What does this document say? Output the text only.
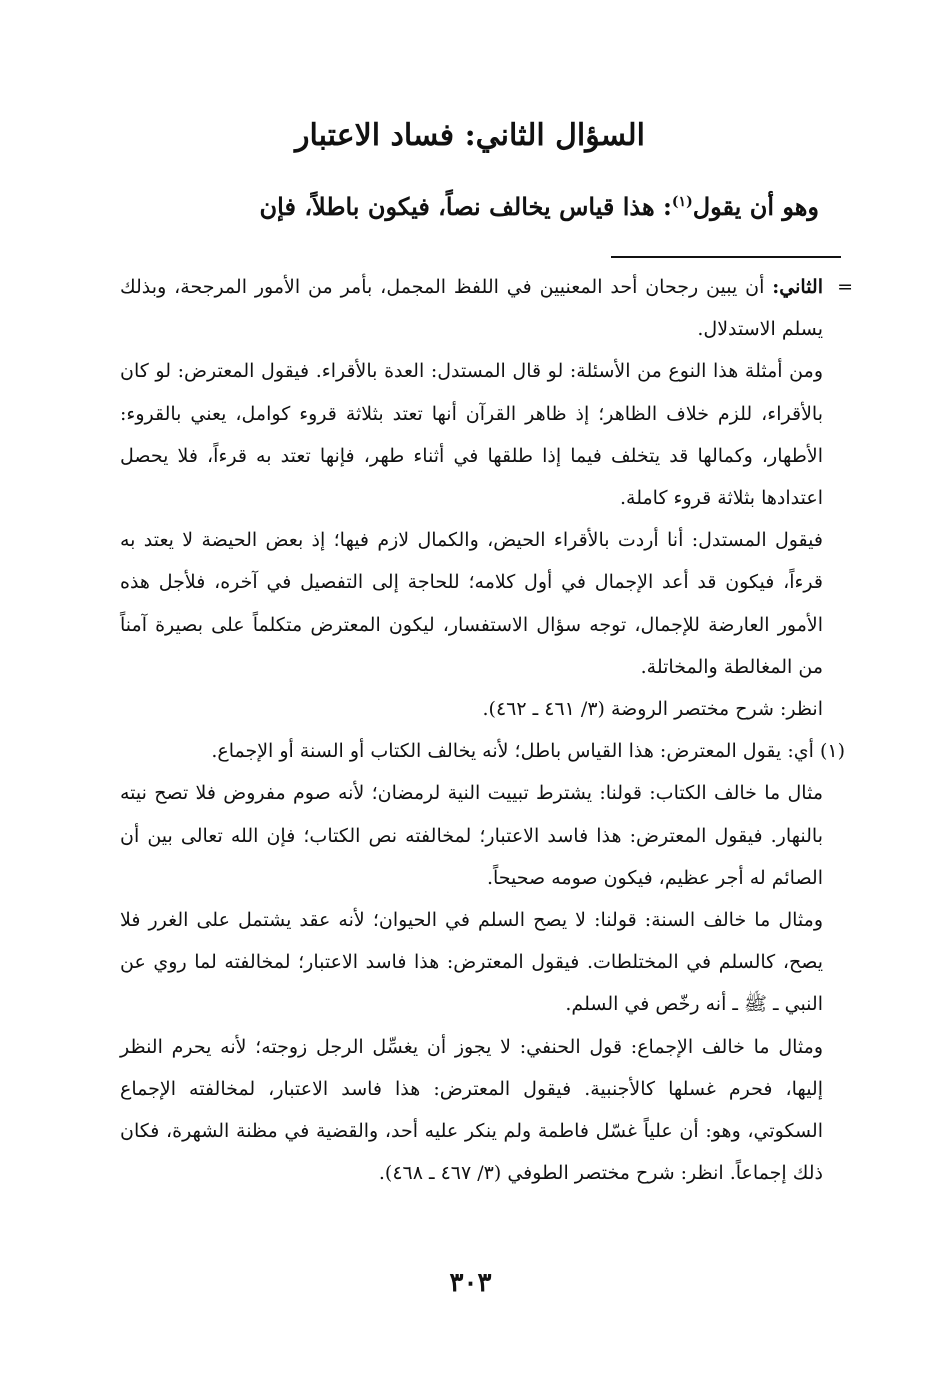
السؤال الثاني: فساد الاعتبار
وهو أن يقول$^{(١)}$: هذا قياس يخالف نصاً، فيكون باطلاً، فإن

=
الثاني: أن يبين رجحان أحد المعنيين في اللفظ المجمل، بأمر من الأمور المرجحة، وبذلك يسلم الاستدلال.

ومن أمثلة هذا النوع من الأسئلة: لو قال المستدل: العدة بالأقراء. فيقول المعترض: لو كان بالأقراء، للزم خلاف الظاهر؛ إذ ظاهر القرآن أنها تعتد بثلاثة قروء كوامل، يعني بالقروء: الأطهار، وكمالها قد يتخلف فيما إذا طلقها في أثناء طهر، فإنها تعتد به قرءاً، فلا يحصل اعتدادها بثلاثة قروء كاملة.

فيقول المستدل: أنا أردت بالأقراء الحيض، والكمال لازم فيها؛ إذ بعض الحيضة لا يعتد به قرءاً، فيكون قد أعد الإجمال في أول كلامه؛ للحاجة إلى التفصيل في آخره، فلأجل هذه الأمور العارضة للإجمال، توجه سؤال الاستفسار، ليكون المعترض متكلماً على بصيرة آمناً من المغالطة والمخاتلة.

انظر: شرح مختصر الروضة (٣/ ٤٦١ ـ ٤٦٢).

(١) أي: يقول المعترض: هذا القياس باطل؛ لأنه يخالف الكتاب أو السنة أو الإجماع.

مثال ما خالف الكتاب: قولنا: يشترط تبييت النية لرمضان؛ لأنه صوم مفروض فلا تصح نيته بالنهار. فيقول المعترض: هذا فاسد الاعتبار؛ لمخالفته نص الكتاب؛ فإن الله تعالى بين أن الصائم له أجر عظيم، فيكون صومه صحيحاً.

ومثال ما خالف السنة: قولنا: لا يصح السلم في الحيوان؛ لأنه عقد يشتمل على الغرر فلا يصح، كالسلم في المختلطات. فيقول المعترض: هذا فاسد الاعتبار؛ لمخالفته لما روي عن النبي ـ ﷺ ـ أنه رخّص في السلم.

ومثال ما خالف الإجماع: قول الحنفي: لا يجوز أن يغسِّل الرجل زوجته؛ لأنه يحرم النظر إليها، فحرم غسلها كالأجنبية. فيقول المعترض: هذا فاسد الاعتبار، لمخالفته الإجماع السكوتي، وهو: أن علياً غسّل فاطمة ولم ينكر عليه أحد، والقضية في مظنة الشهرة، فكان ذلك إجماعاً. انظر: شرح مختصر الطوفي (٣/ ٤٦٧ ـ ٤٦٨).

٣٠٣
